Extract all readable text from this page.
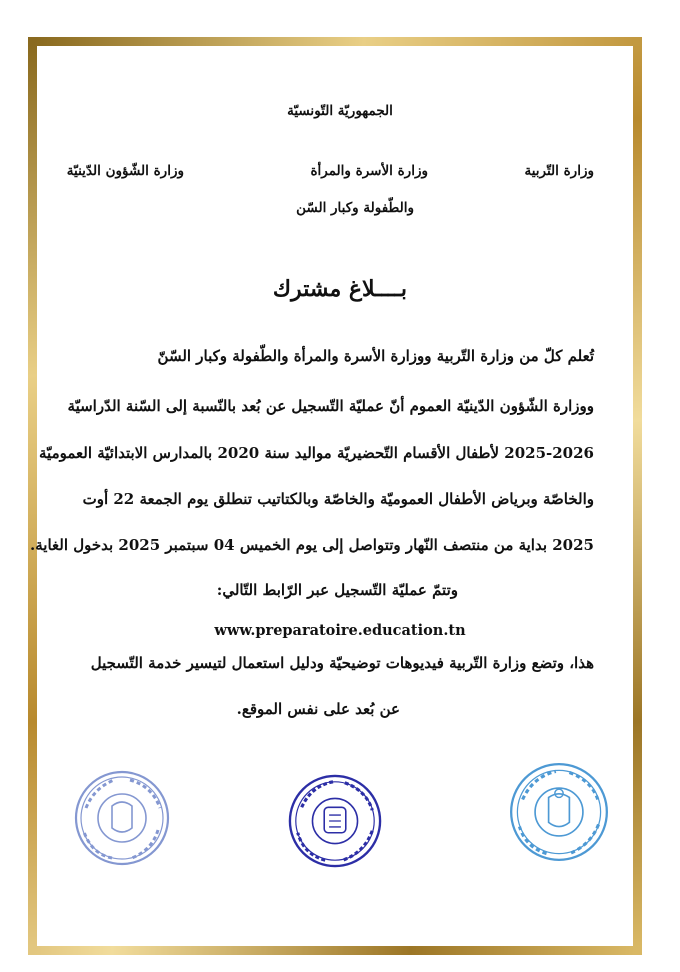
الجمهوريّة التّونسيّة
وزارة التّربية
وزارة الأسرة والمرأة
والطّفولة وكبار السّن
وزارة الشّؤون الدّينيّة
بــــلاغ مشترك
تُعلم كلّ من وزارة التّربية ووزارة الأسرة والمرأة والطّفولة وكبار السّنّ
ووزارة الشّؤون الدّينيّة العموم أنّ عمليّة التّسجيل عن بُعد بالنّسبة إلى السّنة الدّراسيّة
2025-2026 لأطفال الأقسام التّحضيريّة مواليد سنة 2020 بالمدارس الابتدائيّة العموميّة
والخاصّة وبرياض الأطفال العموميّة والخاصّة وبالكتاتيب تنطلق يوم الجمعة 22 أوت
2025 بداية من منتصف النّهار وتتواصل إلى يوم الخميس 04 سبتمبر 2025 بدخول الغاية.
وتتمّ عمليّة التّسجيل عبر الرّابط التّالي:
www.preparatoire.education.tn
هذا، وتضع وزارة التّربية فيديوهات توضيحيّة ودليل استعمال لتيسير خدمة التّسجيل
عن بُعد على نفس الموقع.
